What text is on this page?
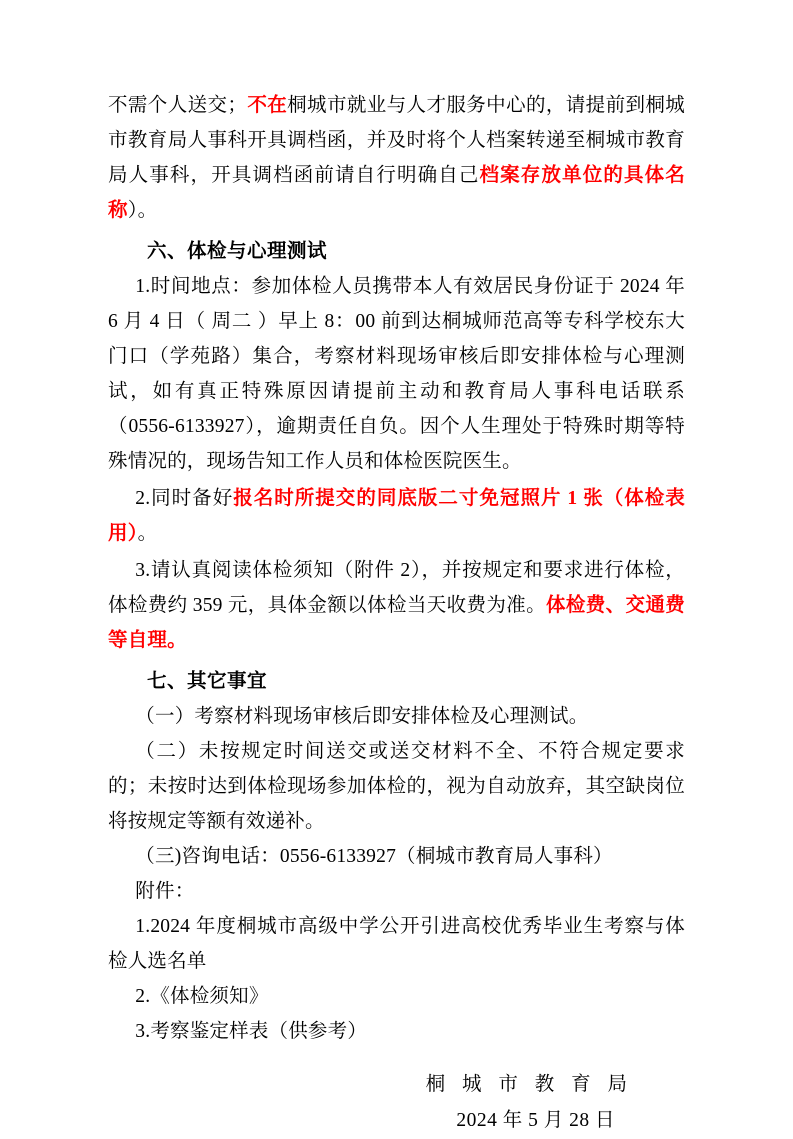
不需个人送交；不在桐城市就业与人才服务中心的，请提前到桐城市教育局人事科开具调档函，并及时将个人档案转递至桐城市教育局人事科，开具调档函前请自行明确自己档案存放单位的具体名称）。

六、体检与心理测试

1.时间地点：参加体检人员携带本人有效居民身份证于 2024 年 6 月 4 日（ 周二 ）早上 8：00 前到达桐城师范高等专科学校东大门口（学苑路）集合，考察材料现场审核后即安排体检与心理测试，如有真正特殊原因请提前主动和教育局人事科电话联系（0556-6133927），逾期责任自负。因个人生理处于特殊时期等特殊情况的，现场告知工作人员和体检医院医生。

2.同时备好报名时所提交的同底版二寸免冠照片 1 张（体检表用）。

3.请认真阅读体检须知（附件 2），并按规定和要求进行体检，体检费约 359 元，具体金额以体检当天收费为准。体检费、交通费等自理。

七、其它事宜

（一）考察材料现场审核后即安排体检及心理测试。

（二）未按规定时间送交或送交材料不全、不符合规定要求的；未按时达到体检现场参加体检的，视为自动放弃，其空缺岗位将按规定等额有效递补。

（三)咨询电话：0556-6133927（桐城市教育局人事科）

附件：

1.2024 年度桐城市高级中学公开引进高校优秀毕业生考察与体检人选名单

2.《体检须知》

3.考察鉴定样表（供参考）

桐 城 市 教 育 局
2024 年 5 月 28 日
